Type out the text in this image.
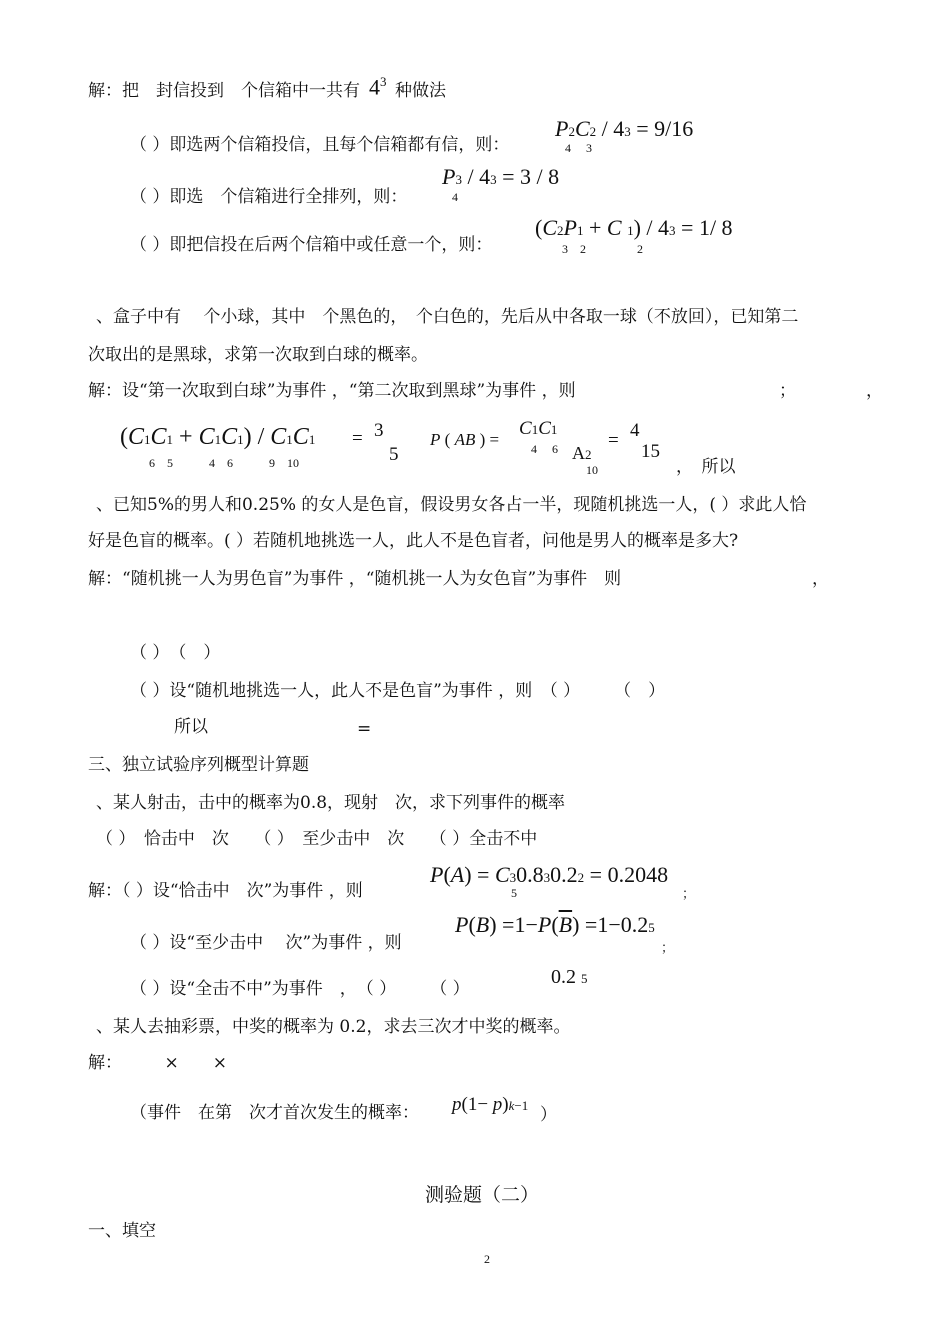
解：把　封信投到　个信箱中一共有 $4^3$ 种做法
（ ）即选两个信箱投信，且每个信箱都有信，则：
P2C2 / 43 = 9/16
4　 3
（ ）即选　个信箱进行全排列，则：
P3 / 43 = 3 / 8
4
（ ）即把信投在后两个信箱中或任意一个，则：
(C2P1 + C 1) / 43 = 1/ 8
3　2　　　　 2
、盒子中有　 个小球，其中　个黑色的，　个白色的，先后从中各取一球（不放回），已知第二
次取出的是黑球，求第一次取到白球的概率。
解：设“第一次取到白球”为事件 ，“第二次取到黑球”为事件 ，则	；	，
(C1C1 + C1C1) / C1C1
6　5　　　4　6　　　9　10
= 3
5
P ( AB ) =
C1C1
4　 6 A2
10
= 4
15
，　所以
、已知5%的男人和0.25% 的女人是色盲，假设男女各占一半，现随机挑选一人，( ）求此人恰
好是色盲的概率。( ）若随机地挑选一人，此人不是色盲者，问他是男人的概率是多大?
解：“随机挑一人为男色盲”为事件 ，“随机挑一人为女色盲”为事件　则	，
（ ）　（　）
（ ）设“随机地挑选一人，此人不是色盲”为事件 ，则　（ ）　　　（　）
所以	=
三、独立试验序列概型计算题
、某人射击，击中的概率为0.8，现射　次，求下列事件的概率
（ ）　恰击中　次　　（ ）　至少击中　次　　（ ）全击不中
解：（ ）设“恰击中　次”为事件 ，则
P(A) = C30.830.22 = 0.2048
5	；
（ ）设“至少击中　 次”为事件 ，则
$P(B) =1-P(\overline{B}) =1-0.25$
；
（ ）设“全击不中”为事件　，　（ ）　　　（ ）
0.2 5
、某人去抽彩票，中奖的概率为 0.2，求去三次才中奖的概率。
解：　　　×　　×
（事件　在第　次才首次发生的概率： p(1− p)k−1 ）
测验题（二）
一、填空
2
